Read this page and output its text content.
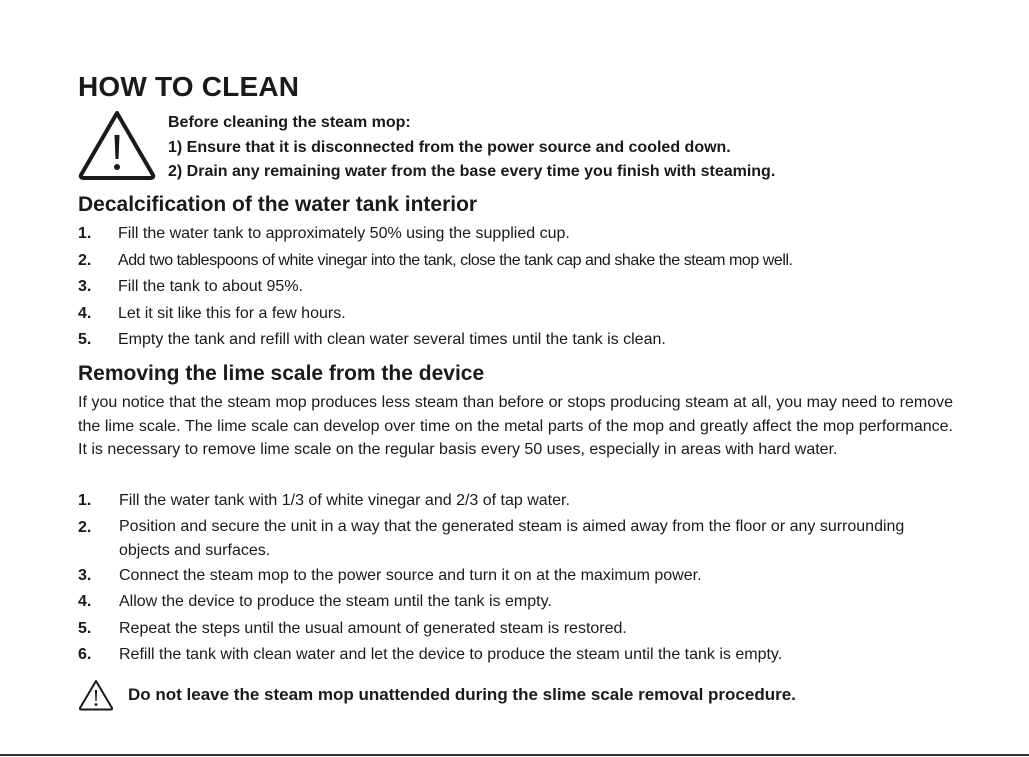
HOW TO CLEAN
Before cleaning the steam mop:
1) Ensure that it is disconnected from the power source and cooled down.
2) Drain any remaining water from the base every time you finish with steaming.
Decalcification of the water tank interior
1.	Fill the water tank to approximately 50% using the supplied cup.
2.	Add two tablespoons of white vinegar into the tank, close the tank cap and shake the steam mop well.
3.	Fill the tank to about 95%.
4.	Let it sit like this for a few hours.
5.	Empty the tank and refill with clean water several times until the tank is clean.
Removing the lime scale from the device

If you notice that the steam mop produces less steam than before or stops producing steam at all, you may need to remove the lime scale. The lime scale can develop over time on the metal parts of the mop and greatly affect the mop performance. It is necessary to remove lime scale on the regular basis every 50 uses, especially in areas with hard water.

1.	Fill the water tank with 1/3 of white vinegar and 2/3 of tap water.
2.	Position and secure the unit in a way that the generated steam is aimed away from the floor or any surrounding objects and surfaces.
3.	Connect the steam mop to the power source and turn it on at the maximum power.
4.	Allow the device to produce the steam until the tank is empty.
5.	Repeat the steps until the usual amount of generated steam is restored.
6.	Refill the tank with clean water and let the device to produce the steam until the tank is empty.
Do not leave the steam mop unattended during the slime scale removal procedure.
